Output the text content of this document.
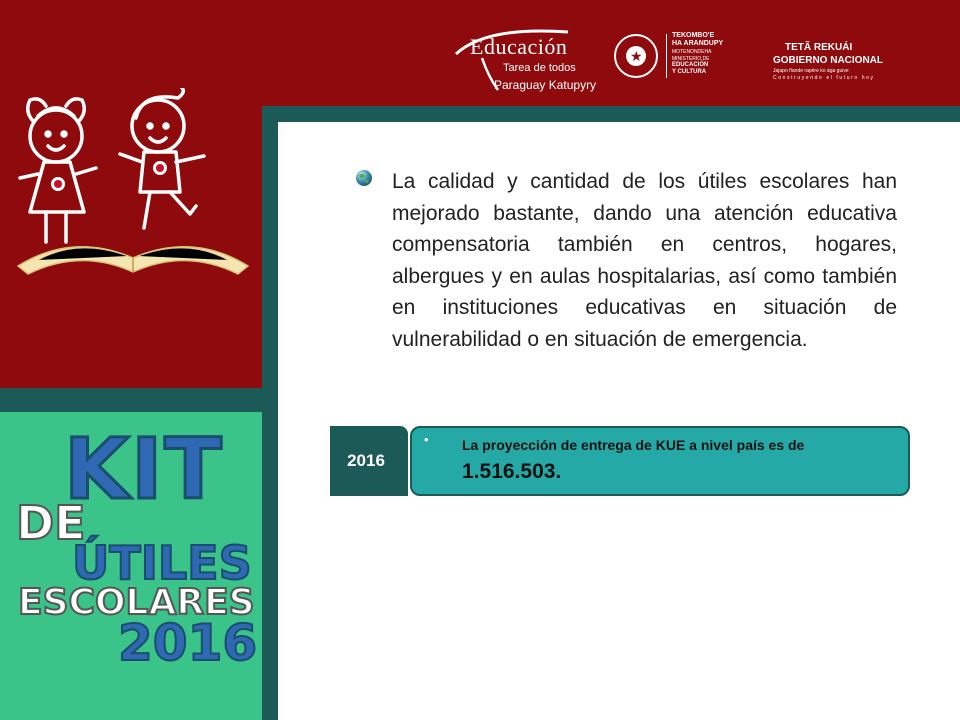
Educación
Tarea de todos
Paraguay Katupyry
★
TEKOMBO'E
HA ARANDUPY
MOTENONDEHA
MINISTERIO DE
EDUCACIÓN
Y CULTURA
TETÃ REKUÁI
GOBIERNO NACIONAL
Jajapo ñande rapére ko ága guive
Construyendo el futuro hoy
La calidad y cantidad de los útiles escolares han mejorado bastante, dando una atención educativa compensatoria también en centros, hogares, albergues y en aulas hospitalarias, así como también en instituciones educativas en situación de vulnerabilidad o en situación de emergencia.
2016
• La proyección de entrega de KUE a nivel país es de
1.516.503.
KIT
DE
ÚTILES
ESCOLARES
2016
